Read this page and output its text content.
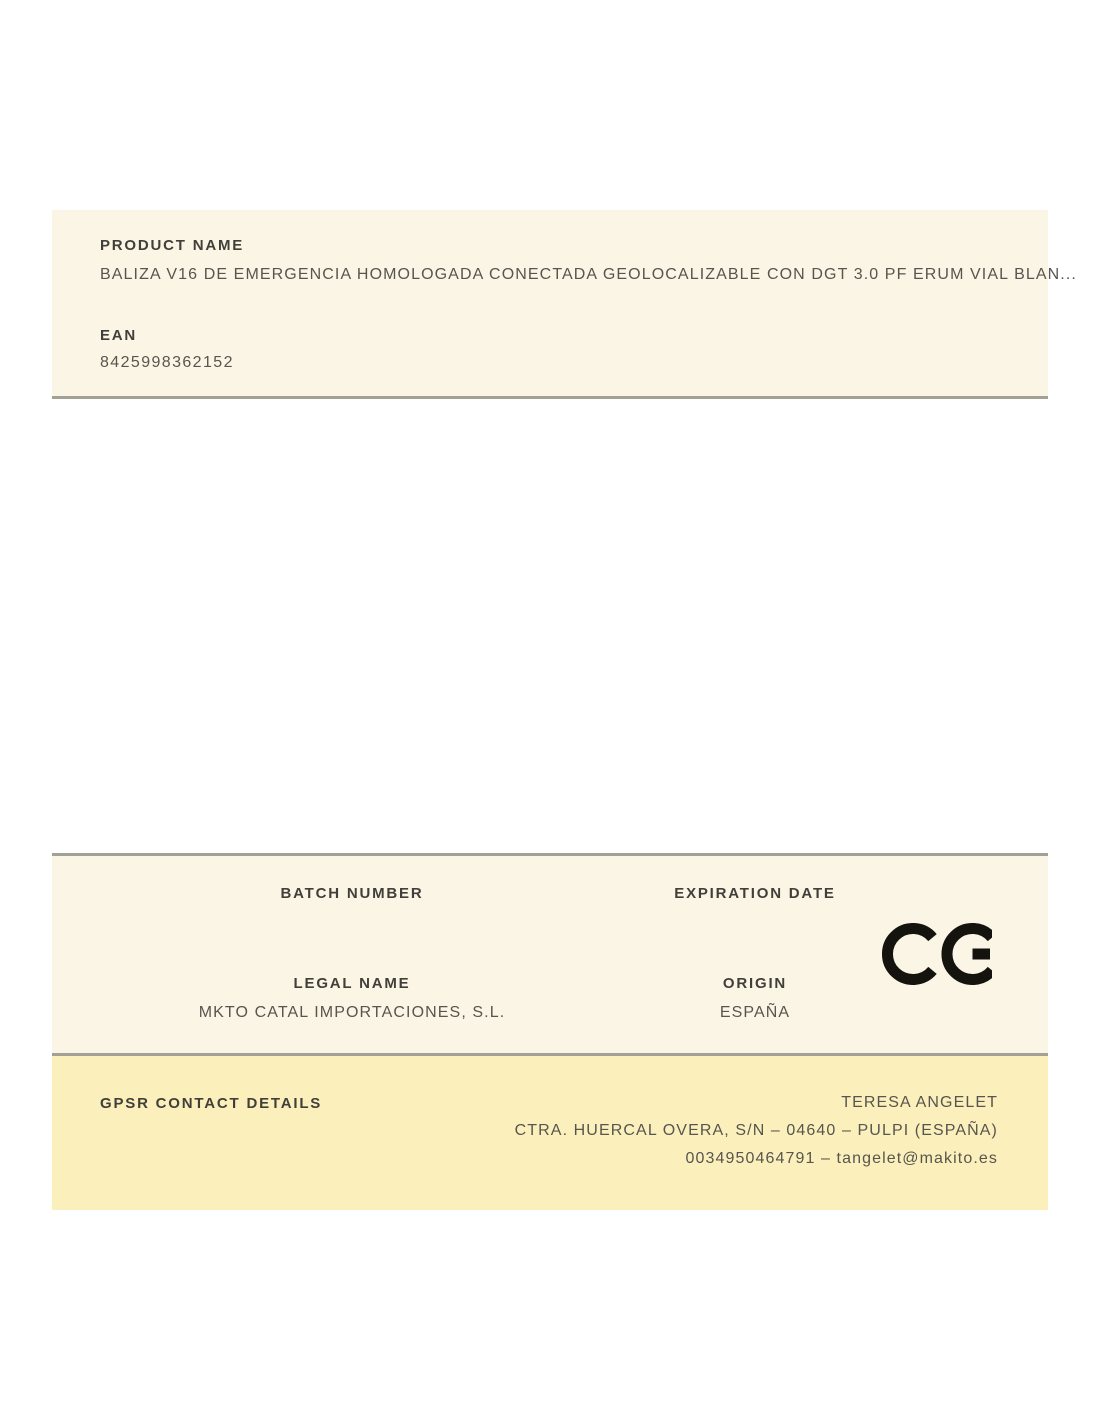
PRODUCT NAME
BALIZA V16 DE EMERGENCIA HOMOLOGADA CONECTADA GEOLOCALIZABLE CON DGT 3.0 PF ERUM VIAL BLAN...
EAN
8425998362152
BATCH NUMBER	EXPIRATION DATE
LEGAL NAME
MKTO CATAL IMPORTACIONES, S.L.
ORIGIN
ESPAÑA
GPSR CONTACT DETAILS	TERESA ANGELET
CTRA. HUERCAL OVERA, S/N – 04640 – PULPI (ESPAÑA)
0034950464791 – tangelet@makito.es
